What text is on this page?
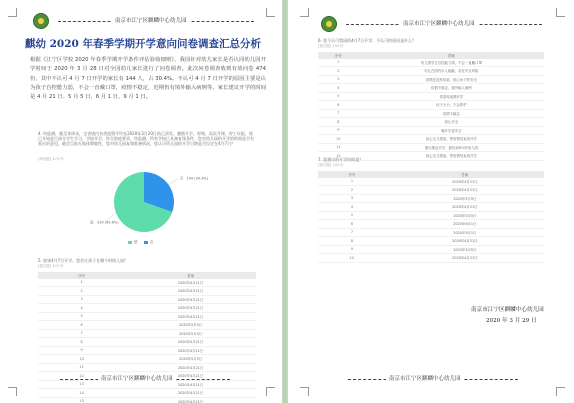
南京市江宁区麒麟中心幼儿园
麒幼 2020 年春季学期开学意向问卷调查汇总分析
根据《江宁区学校 2020 年春季学期开学条件评估验收细则》，我园针对幼儿家长是否认同幼儿园开学时间于 2020 年 3 月 28 日对全园幼儿家长进行了问卷调查。此次问卷调查收到有效问卷 474 份，其中不认可 4 月 7 日开学的家长有 144 人，占 30.4%。不认可 4 月 7 日开学的原因主要是认为孩子自控能力弱，不会一直戴口罩，疫情不稳定，近期仍有境外输入病例等。家长建议开学的时间是 4 月 21 日、5 月 5 日、6 月 1 日、9 月 1 日。
4. 经监测，截至本周末，全省境内各类疫情平均在2020年3月20日前已清零，遵循开学、停课、再次开课、停工年报，现已开始进行部分学生学习，学校开学，符合防疫要求，经监测，所有学校已具备复课条件，您对幼儿园的开学的时间是否有延迟的意见。截至目前无集体聚集性，您对幼儿园复课准备情况，您认可幼儿园的开学日期是否设定在4月7日？
[单选题] 474 份
否：144 (30.4%)
是：330 (69.6%)
是	否
5. 如果4月7日开学，您会让孩子在哪个时间入园？
[填空题] 474 份
序号	答案
1	2020年4月21日
2	2020年4月21日
3	2020年4月21日
4	2020年4月21日
5	2020年4月21日
6	2020年5月5日
7	2020年5月5日
8	2020年4月21日
9	2020年4月21日
10	2020年5月5日
11	2020年4月21日
12	2020年4月21日
13	2020年4月21日
14	2020年4月21日
15	2020年4月21日
南京市江宁区麒麟中心幼儿园
南京市江宁区麒麟中心幼儿园
6. 您不认可我园的4月7日开学，不认可的原因是什么？
[填空题] 144 份
序号	答案
1	幼儿园学生自控能力弱，不会一直戴口罩
2	幼儿在园内多人接触，存在安全风险
3	疫情还没有结束，担心孩子的安全
4	疫情不稳定，境外输入病例
5	希望再延期开学
6	孩子太小，不会防护
7	疫情不稳定
8	担心安全
9	晚开学更安全
10	担心交叉感染，等疫情结束再开学
11	建议推迟开学，最好到9月份再入园
12	担心交叉感染，等疫情结束再开学
7. 您建议的开学时间是？
[填空题] 144 份
序号	答案
1	2020年4月21日
2	2020年4月21日
3	2020年5月5日
4	2020年4月21日
5	2020年5月5日
6	2020年6月1日
7	2020年9月1日
8	2020年4月21日
9	2020年5月5日
10	2020年4月21日
南京市江宁区麒麟中心幼儿园
2020 年 3 月 29 日
南京市江宁区麒麟中心幼儿园
